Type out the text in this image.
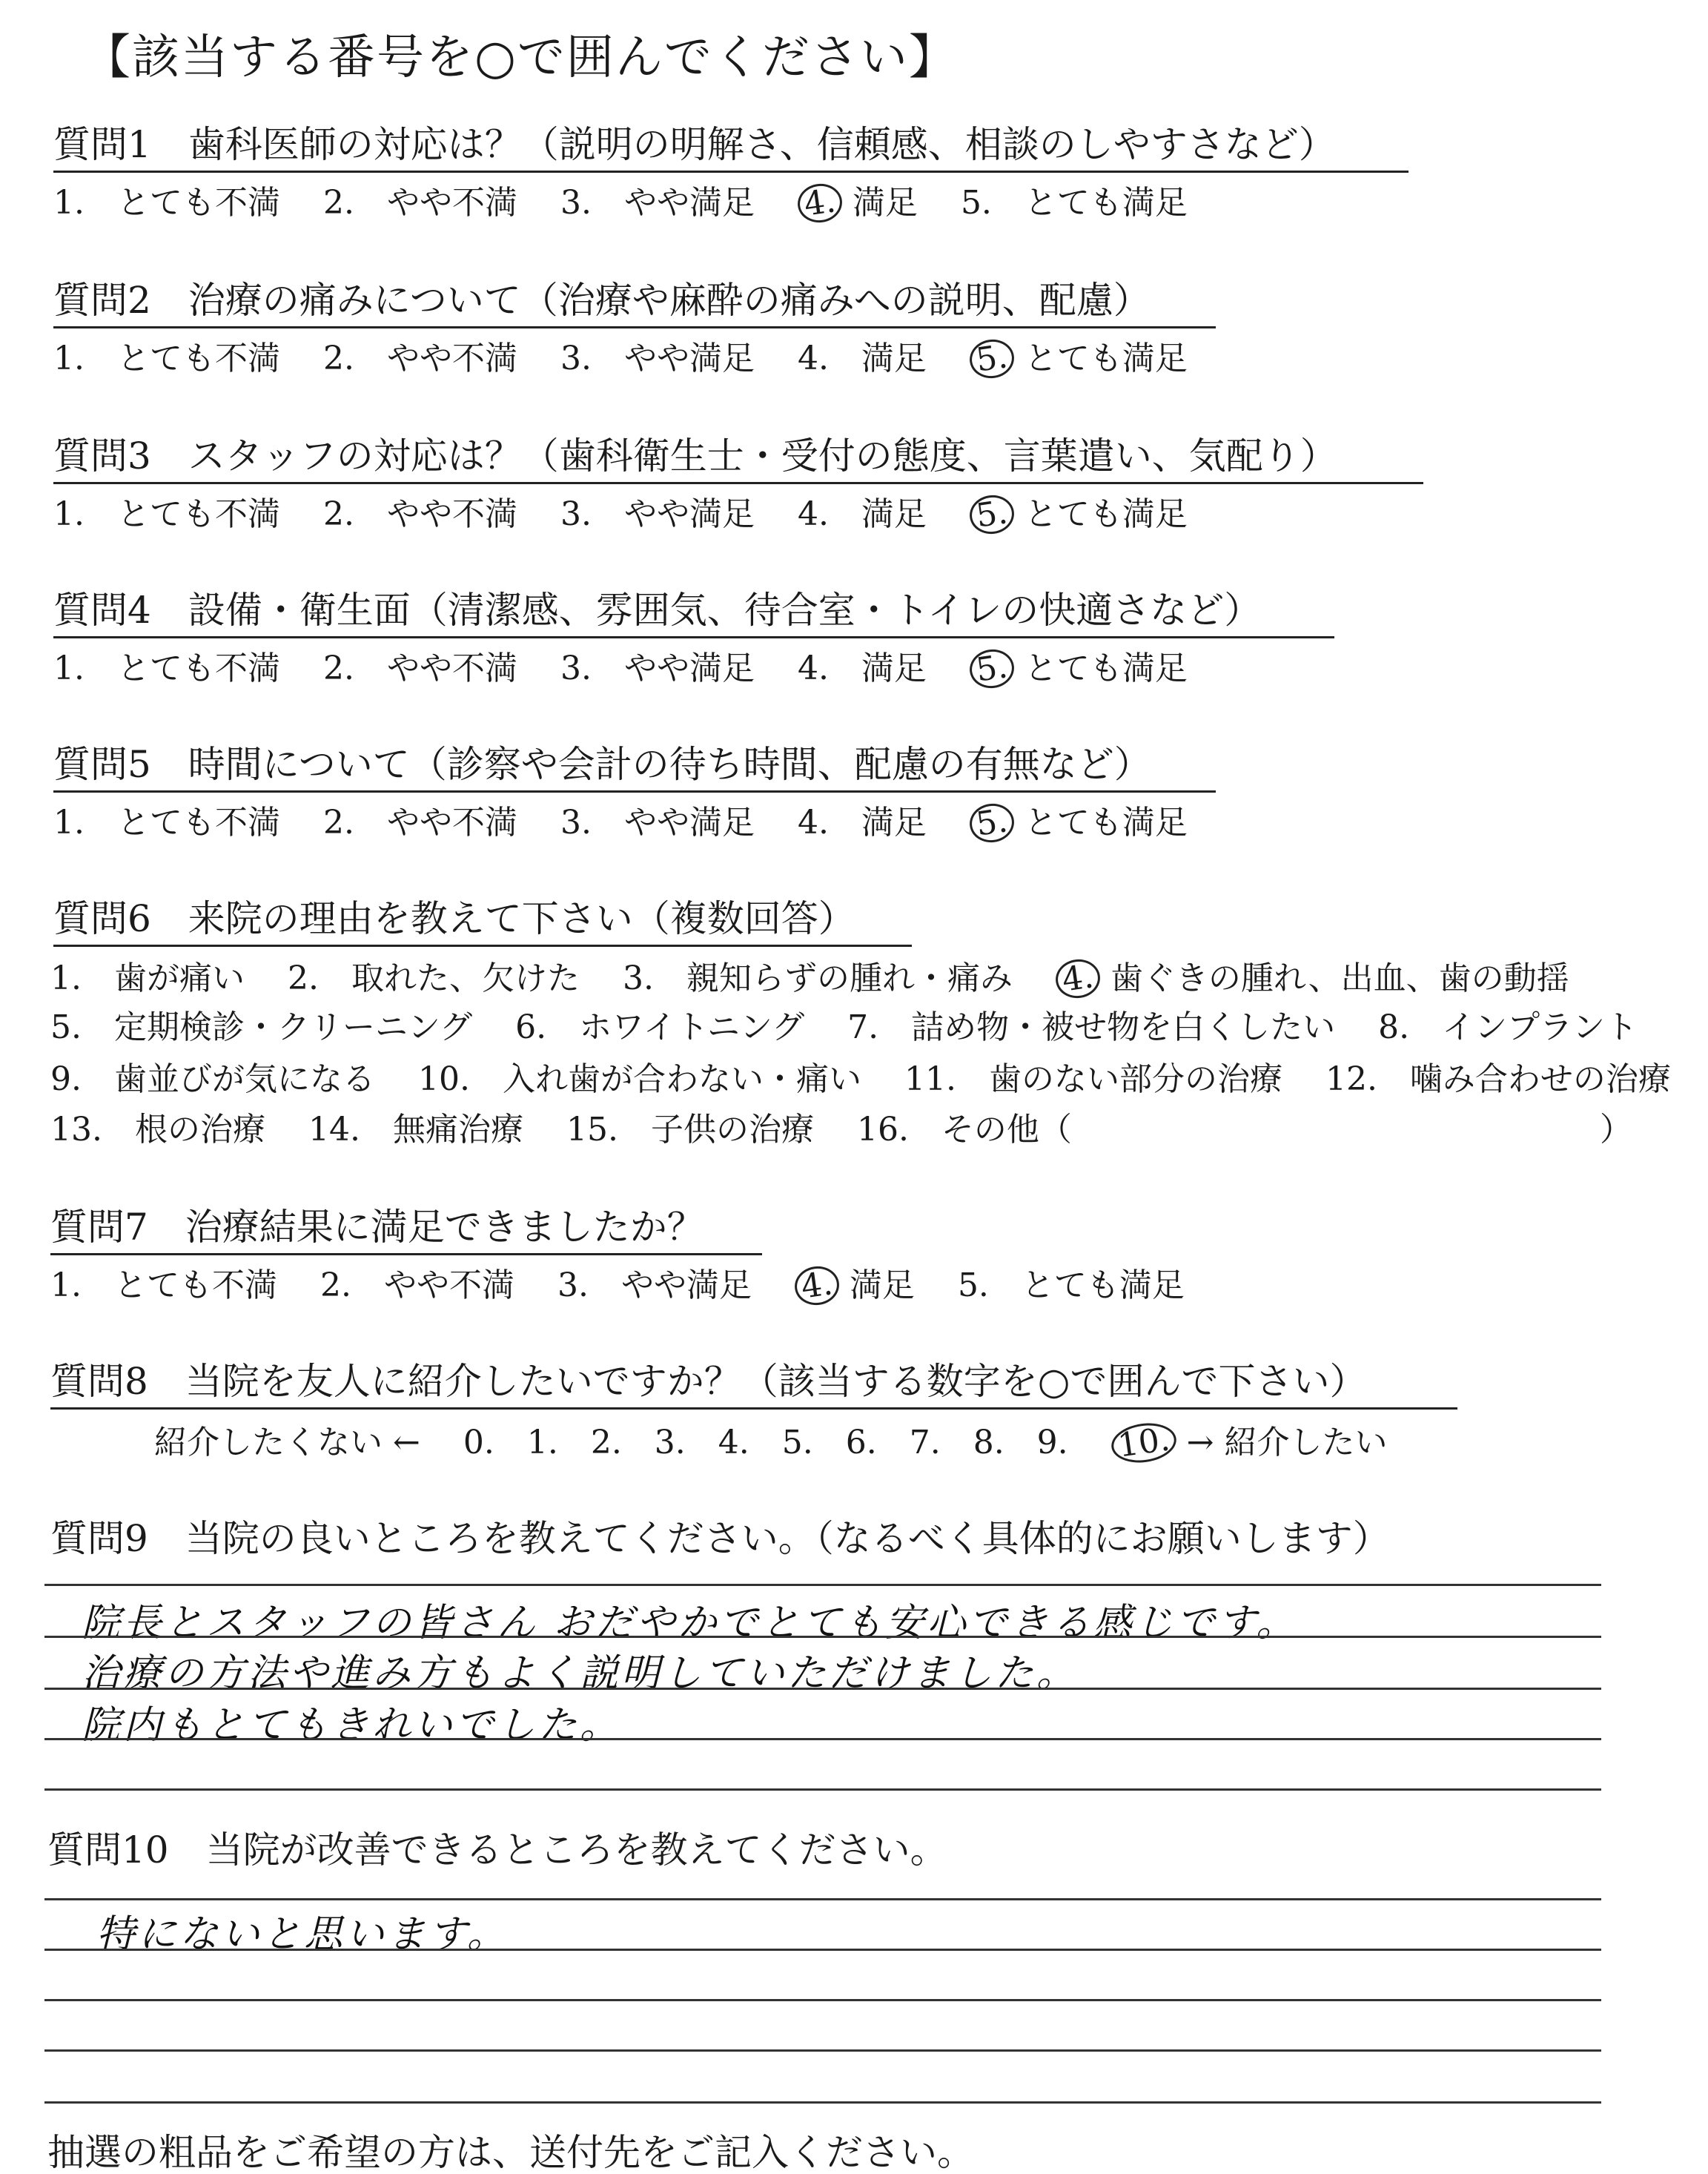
【該当する番号を○で囲んでください】
質問1　歯科医師の対応は？（説明の明解さ、信頼感、相談のしやすさなど）
1.　とても不満　 2.　やや不満　 3.　やや満足　 4. 満足　 5.　とても満足
質問2　治療の痛みについて（治療や麻酔の痛みへの説明、配慮）
1.　とても不満　 2.　やや不満　 3.　やや満足　 4.　満足　 5. とても満足
質問3　スタッフの対応は？（歯科衛生士・受付の態度、言葉遣い、気配り）
1.　とても不満　 2.　やや不満　 3.　やや満足　 4.　満足　 5. とても満足
質問4　設備・衛生面（清潔感、雰囲気、待合室・トイレの快適さなど）
1.　とても不満　 2.　やや不満　 3.　やや満足　 4.　満足　 5. とても満足
質問5　時間について（診察や会計の待ち時間、配慮の有無など）
1.　とても不満　 2.　やや不満　 3.　やや満足　 4.　満足　 5. とても満足
質問6　来院の理由を教えて下さい（複数回答）
1.　歯が痛い　 2.　取れた、欠けた　 3.　親知らずの腫れ・痛み　 4. 歯ぐきの腫れ、出血、歯の動揺
5.　定期検診・クリーニング　 6.　ホワイトニング　 7.　詰め物・被せ物を白くしたい　 8.　インプラント
9.　歯並びが気になる　 10.　入れ歯が合わない・痛い　 11.　歯のない部分の治療　 12.　噛み合わせの治療
13.　根の治療　 14.　無痛治療　 15.　子供の治療　 16.　その他（	）
質問7　治療結果に満足できましたか？
1.　とても不満　 2.　やや不満　 3.　やや満足　 4. 満足　 5.　とても満足
質問8　当院を友人に紹介したいですか？（該当する数字を○で囲んで下さい）
紹介したくない ←　 0.　1.　2.　3.　4.　5.　6.　7.　8.　9.　 10. → 紹介したい
質問9　当院の良いところを教えてください。（なるべく具体的にお願いします）
院長とスタッフの皆さん おだやかでとても安心できる感じです。
治療の方法や進み方もよく説明していただけました。
院内もとてもきれいでした。
質問10　当院が改善できるところを教えてください。
特にないと思います。
抽選の粗品をご希望の方は、送付先をご記入ください。
